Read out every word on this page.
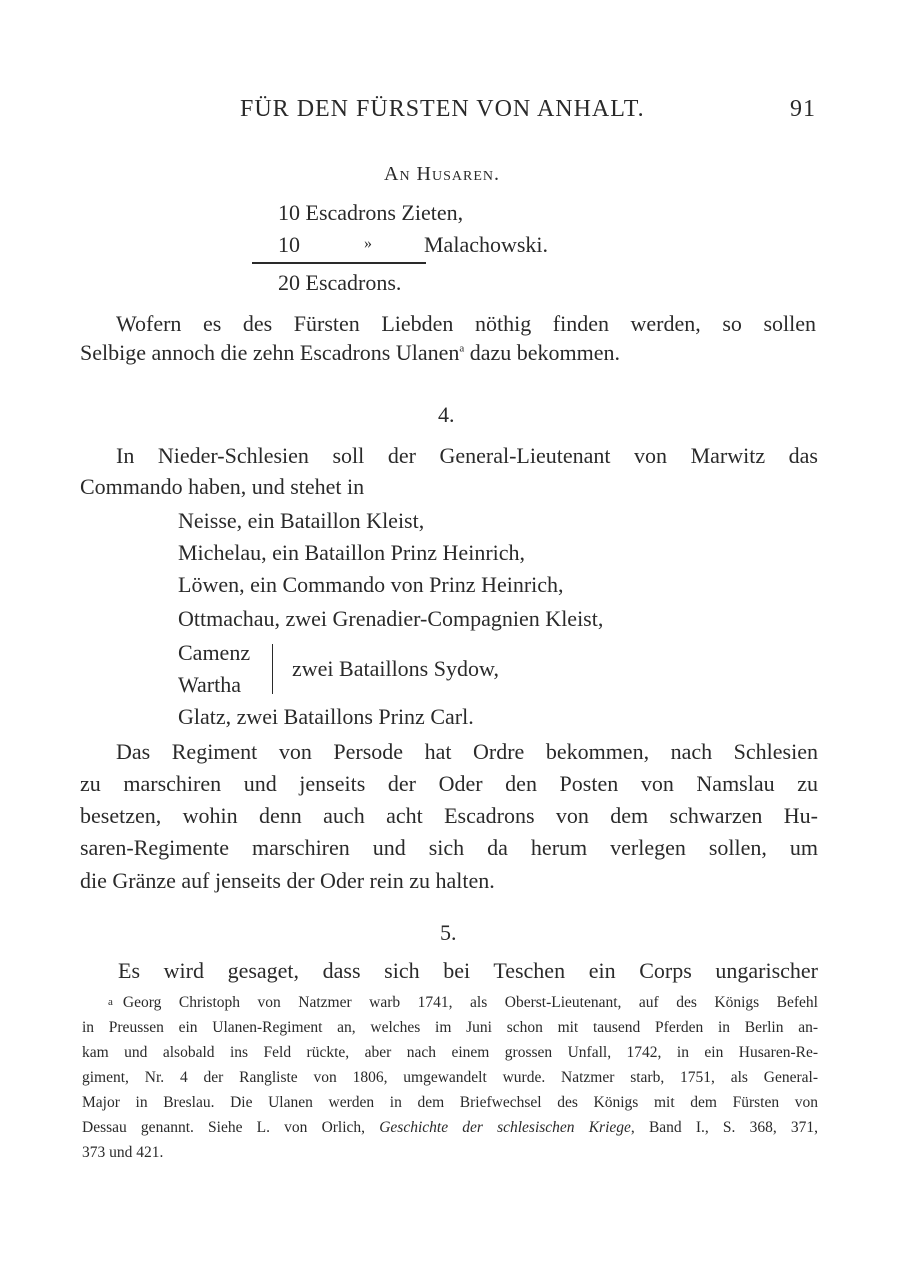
FÜR DEN FÜRSTEN VON ANHALT.	91
An Husaren.
10 Escadrons Zieten,
10	» Malachowski.
20 Escadrons.
Wofern es des Fürsten Liebden nöthig finden werden, so sollen
Selbige annoch die zehn Escadrons Ulanen$^a$ dazu bekommen.
4.
In Nieder-Schlesien soll der General-Lieutenant von Marwitz das
Commando haben, und stehet in
Neisse, ein Bataillon Kleist,
Michelau, ein Bataillon Prinz Heinrich,
Löwen, ein Commando von Prinz Heinrich,
Ottmachau, zwei Grenadier-Compagnien Kleist,
Camenz
Wartha
zwei Bataillons Sydow,
Glatz, zwei Bataillons Prinz Carl.
Das Regiment von Persode hat Ordre bekommen, nach Schlesien
zu marschiren und jenseits der Oder den Posten von Namslau zu
besetzen, wohin denn auch acht Escadrons von dem schwarzen Hu-
saren-Regimente marschiren und sich da herum verlegen sollen, um
die Gränze auf jenseits der Oder rein zu halten.
5.
Es wird gesaget, dass sich bei Teschen ein Corps ungarischer
a Georg Christoph von Natzmer warb 1741, als Oberst-Lieutenant, auf des Königs Befehl
in Preussen ein Ulanen-Regiment an, welches im Juni schon mit tausend Pferden in Berlin an-
kam und alsobald ins Feld rückte, aber nach einem grossen Unfall, 1742, in ein Husaren-Re-
giment, Nr. 4 der Rangliste von 1806, umgewandelt wurde. Natzmer starb, 1751, als General-
Major in Breslau. Die Ulanen werden in dem Briefwechsel des Königs mit dem Fürsten von
Dessau genannt. Siehe L. von Orlich, Geschichte der schlesischen Kriege, Band I., S. 368, 371,
373 und 421.
